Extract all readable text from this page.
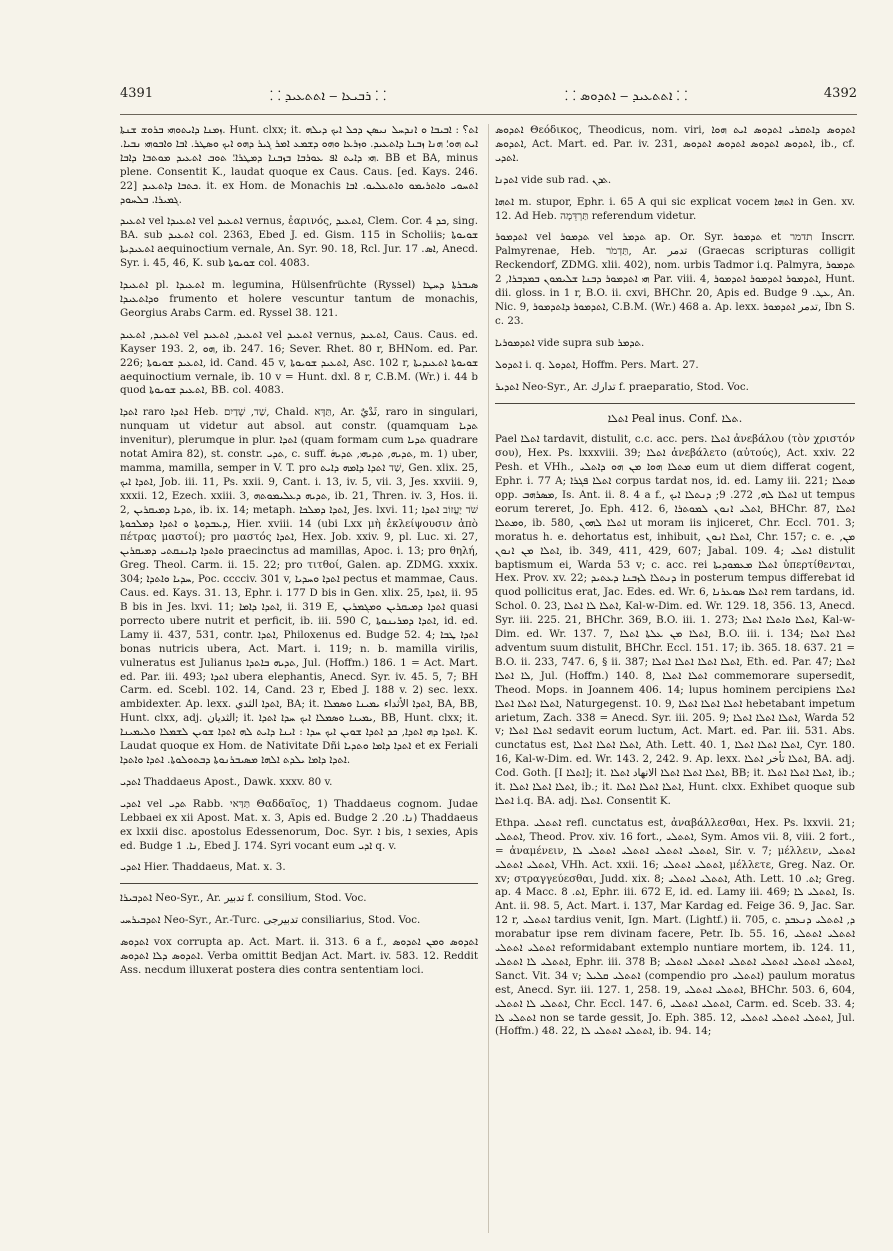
4391	⸬ ܪܒܝܥܐ ‒ ܐܬܬܥܝܕ ⸬	⸬ ܐܬܬܥܝܕ ‒ ܐܬܕܘܣ ⸬	4392

ܙܡܢܐ ܕܐܝܬܘܗܝ ܒܪܘܫ ܫܢܬܐ. Hunt. clxx; it. ܐܬ؟ : ܐܒܝܒܐ ܘ ܐܢܕܚܠ ܢܝܣܢ ܕܟܠ ܐܝܟ ܕܝܠܗ ܐܝܬ ܗܘ؛ ܗܢܐ ܙܒܢܐ ܕܐܬܥܝܕ. ܘܙܪܥܐ ܘܗܘ ܕܫܡܥ ܐܡܪ ܓܝܪ ܕܗܘ ܐܝܟ ܘܣܛܪ. ܐܒܐ ܘܐܒܘܗܝ ܢܒܝܐ. ܗܝ ܕܐܝܬ ܐܦ ܥܘܪܒܐ ܒܙܒܢܐ ܕܡܛܪܐ؛ ܬܘܒ ܐܬܥܝܕ ܡܘܬܒܐ ܕܐܒܐ. BB et BA, minus plene. Consentit K., laudat quoque ex Caus. Caus. [ed. Kays. 246. 22] ܟܬܒܐ ܕܐܬܥܝܕ. it. ex Hom. de Monachis ܐܬܚܘܝ ܘܐܬܪܝܡܘ ܘܐܬܥܠܝܘ. ܐܒܐ ܓܡܝܪܐ. ܒܠܚܘܕ.

ܐܬܥܝܕ vel ܐܬܥܝܕܐ vel ܐܬܥܝܕ vernus, ἐαρινός, ܐܬܥܝܕ, Clem. Cor. ܟܕ 4, sing. BA. sub ܐܬܥܝܕ col. 2363, Ebed J. ed. Gism. 115 in Scholiis; ܫܘܝܘܬܐ ܐܬܥܝܕܝܬܐ aequinoctium vernale, An. Syr. 90. 18, Rcl. Jur. ܐܣ. 17, Anecd. Syr. i. 45, 46, K. sub ܫܘܝܘܬܐ col. 4083.

ܐܬܥܝܕܐ pl. ܐܬܥܝܕܐ m. legumina, Hülsenfrüchte (Ryssel) ܣܝܒܪܬܐ ܕܚܛܐ ܘܕܐܬܥܝܕܐ frumento et holere vescuntur tantum de monachis, Georgius Arabs Carm. ed. Ryssel 38. 121.

ܐܬܥܝܕ, ܐܬܥܝܕ vel ܐܬܥܝܕ, ܐܬܥܝܕ vel ܐܬܥܝܕ vernus, ܐܬܥܝܕ, Caus. Caus. ed. Kayser 193. 2, ܗܘ, ib. 247. 16; Sever. Rhet. 80 r, BHNom. ed. Par. 226; ܐܬܥܝܕ ܫܘܝܘܬܐ, id. Cand. 45 v, ܐܬܥܝܕ ܫܘܝܘܬܐ, Asc. 102 r, ܫܘܝܘܬܐ ܐܬܥܝܕܝܬܐ aequinoctium vernale, ib. 10 v = Hunt. dxl. 8 r, C.B.M. (Wr.) i. 44 b quod ܐܬܥܝܕ ܫܘܝܘܬܐ, BB. col. 4083.

ܐܬܕܐ raro ܐܬܕܐ Heb. שַׁד, שָׁדַיִם, Chald. תַּדָּא, Ar. ثَدْيٌ, raro in singulari, nunquam ut videtur aut absol. aut constr. (quamquam ܬܕܝܐ invenitur), plerumque in plur. ܐܬܕܐ (quam formam cum ܬܕܝܐ quadrare notat Amira 82), st. constr. ܬܕܝ, c. suff. ܬܕܝܗ, ܬܕܝܗܝ, ܬܕܝܗܿ, m. 1) uber, mamma, mamilla, semper in V. T. pro שַׁד ܐܬܕܐ ܕܐܡܗ ܕܐܝܬ, Gen. xlix. 25, ܐܬܕܐ ܐܝܟ, Job. iii. 11, Ps. xxii. 9, Cant. i. 13, iv. 5, vii. 3, Jes. xxviii. 9, xxxii. 12, Ezech. xxiii. 3, ܬܕܝܗ ܕܥܠܝܡܘܬܗ, ib. 21, Thren. iv. 3, Hos. ii. 2, ܬܕܝܐ ܕܡܝܩܪܝܢ, ib. ix. 14; metaph. ܐܬܕܐ ܕܡܠܟܐ, Jes. lxvi. 11; שֹׁד יַעֲזוֹב ܐܬܕܐ ܕܥܒܕܘܬܐ ܘ ܐܬܕܐ ܕܡܠܟܘܬܐ, Hier. xviii. 14 (ubi Lxx μὴ ἐκλείψουσιν ἀπὸ πέτρας μαστοί); pro μαστός ܐܬܕܐ, Hex. Job. xxiv. 9, pl. Luc. xi. 27, ܘܐܬܕܐ ܕܐܝܢܩܬܝ ܕܡܝܩܪܝܢ praecinctus ad mamillas, Apoc. i. 13; pro θηλή, Greg. Theol. Carm. ii. 15. 22; pro τιτθοί, Galen. ap. ZDMG. xxxix. 304; ܚܕܝܐ ܘܐܬܕܐ, Poc. cccciv. 301 v, ܐܬܕܐ ܘܚܕܝܐ pectus et mammae, Caus. Caus. ed. Kays. 31. 13, Ephr. i. 177 D bis in Gen. xlix. 25, ܐܬܕܐ, ii. 95 B bis in Jes. lxvi. 11; ܐܬܕܐ ܕܐܡܐ, ii. 319 E, ܐܬܕܐ ܕܡܝܩܪܝܢ ܘܡܓܡܪܝܢ quasi porrecto ubere nutrit et perficit, ib. iii. 590 C, ܐܬܕܐ ܕܡܪܝܢܘܬܐ, id. ed. Lamy ii. 437, 531, contr. ܐܬܕܐ, Philoxenus ed. Budge 52. 4; ܐܬܕܐ ܛܒܐ bonas nutricis ubera, Act. Mart. i. 119; n. b. mamilla virilis, vulneratus est Julianus ܬܕܝܗ ܒܐܬܕܐ, Jul. (Hoffm.) 186. 1 = Act. Mart. ed. Par. iii. 493; ܐܬܕܐ ubera elephantis, Anecd. Syr. iv. 45. 5, 7; BH Carm. ed. Scebl. 102. 14, Cand. 23 r, Ebed J. 188 v. 2) sec. lexx. ambidexter. Ap. lexx. ܐܬܕܐ الثدي, BA; it. ܐܬܕܐ الأثداء ܝܡܝܢܐ ܘܣܡܠܐ, BA, BB, Hunt. clxx, adj. الثديان; it. ܝܡܝܢܐ ܘܣܡܠܐ ܐܝܟ ܚܕܐ ܐܬܕܐ, BB, Hunt. clxx; it. ܐܬܕܐ ܕܗ ܐܬܕܐ, ܟܕ ܐܬܕܐ ܫܘܝܢ ܐܝܟ ܚܕܐ : ܐܝܢܐ ܕܐܝܬ ܠܗ ܐܬܕܐ ܫܘܝܢ ܠܫܡܠܐ ܘܠܝܡܝܢܐ. K. Laudat quoque ex Hom. de Nativitate Dñi ܐܬܕܐ ܕܐܡܐ ܘܬܕܝܐ et ex Feriali ܐܬܕܐ ܕܐܡܐ ܝܠܕܬ ܐܠܗܐ ܡܣܝܒܪܢܘܬܐ ܕܒܬܘܠܘܬܐ. ܐܬܕܐ ܘܐܬܕܐ.

ܐܬܕܝ Thaddaeus Apost., Dawk. xxxv. 80 v.

ܐܬܕܝ vel ܬܕܝ Rabb. תַּדַּאי Θαδδαῖος, 1) Thaddaeus cognom. Judae Lebbaei ex xii Apost. Mat. x. 3, Apis ed. Budge ܢܐ. 20. 2) Thaddaeus ex lxxii disc. apostolus Edessenorum, Doc. Syr. ܐ bis, ܐ sexies, Apis ed. Budge ܢܐ. 1, Ebed J. 174. Syri vocant eum ܐܕܝ q. v.

ܐܬܕܝ Hier. Thaddaeus, Mat. x. 3.

ܐܬܕܒܝܪܐ Neo-Syr., Ar. تدبير f. consilium, Stod. Voc.

ܐܬܕܒܝܪܚܝ Neo-Syr., Ar.-Turc. تدبيرجى consiliarius, Stod. Voc.

ܐܬܕܘܣ vox corrupta ap. Act. Mart. ii. 313. 6 a f., ܐܬܕܘܣ ܘܡܢ ܐܬܕܘܣ ܐܬܕܘܣ ܕܠܐ ܐܬܕܘܣ. Verba omittit Bedjan Act. Mart. iv. 583. 12. Reddit Ass. necdum illuxerat postera dies contra sententiam loci.

ܐܬܕܘܣ Θεόδικος, Theodicus, nom. viri, ܐܬܕܘܣ ܕܐܬܩܪܝ ܐܬܕܘܣ ܐܝܬ ܗܘܐ ܐܬܕܘܣ, Act. Mart. ed. Par. iv. 231, ܐܬܕܘܣ ܐܬܕܘܣ ܐܬܕܘܣ ܐܬܕܘܣ, ib., cf. ܐܬܕܝ.

ܐܬܕܢܐ vide sub rad. ܬܕܢ.

ܐܬܗܐ m. stupor, Ephr. i. 65 A qui sic explicat vocem ܐܬܗܐ in Gen. xv. 12. Ad Heb. תַּרְדֵּמָה referendum videtur.

ܐܬܕܡܘܪ vel ܬܕܡܘܪ vel ܬܕܡܪ ap. Or. Syr. ܬܕܡܘܪ et תדמר Inscrr. Palmyrenae, Heb. תַּדְמֹר, Ar. تدمر (Graecas scripturas colligit Reckendorf, ZDMG. xlii. 402), nom. urbis Tadmor i.q. Palmyra, ܬܕܡܘܪ ܗܝ ܐܬܕܡܘܪ ܕܒܢܐ ܫܠܝܡܘܢ ܒܡܕܒܪܐ, 2 Par. viii. 4, ܐܬܕܡܘܪ ܐܬܕܡܘܪ ܐܬܕܡܘܪ, Hunt. dii. gloss. in 1 r, B.O. ii. cxvi, BHChr. 20, Apis ed. Budge ܥܛ. 9, An. Nic. 9, ܐܬܕܡܘܪ ܕܐܬܕܡܘܪ, C.B.M. (Wr.) 468 a. Ap. lexx. تدمر ܐܬܕܡܘܪ, Ibn S. c. 23.

ܐܬܕܡܘܪܝܐ vide supra sub ܬܕܡܪ.

ܐܬܕܘܠ i. q. ܐܬܕܘܠ, Hoffm. Pers. Mart. 27.

ܐܬܕܝܪ Neo-Syr., Ar. تدارك f. praeparatio, Stod. Voc.

ܐܬܠܐ Peal inus. Conf. ܬܠܐ.

Pael ܐܬܠܐ tardavit, distulit, c.c. acc. pers. ܐܬܠܐ ἀνεβάλου (τὸν χριστόν σου), Hex. Ps. lxxxviii. 39; ܐܬܠܐ ἀνεβάλετο (αὐτούς), Act. xxiv. 22 Pesh. et VHh., ܡܬܠܐ ܗܘܐ ܡܢ ܗܘ ܕܐܬܠܝ eum ut diem differat cogent, Ephr. i. 77 A; ܐܬܠܐ ܦܓܪܐ corpus tardat nos, id. ed. Lamy iii. 221; ܡܬܠܐ opp. ܡܣܪܗܒ, Is. Ant. ii. 8. 4 a f., ܐܬܠܐ ܠܗ, 272. 9; ܕܢܬܠܐ ܐܝܟ ut tempus eorum tereret, Jo. Eph. 412. 6, ܐܬܠܝ ܐܢܘܢ ܠܡܘܬܪܐ, BHChr. 87, ܐܬܠܐ ܘܡܬܠܐ, ib. 580, ܐܬܠܐ ܠܗܘܢ ut moram iis injiceret, Chr. Eccl. 701. 3; moratus h. e. dehortatus est, inhibuit, ܐܬܠܐ ܐܢܘܢ, Chr. 157; c. e. ܡܢ, ܐܬܠܐ ܡܢ ܐܢܘܢ, ib. 349, 411, 429, 607; Jabal. 109. 4; ܐܬܠܝ distulit baptismum ei, Warda 53 v; c. acc. rei ܐܬܠܐ ܡܥܡܘܕܝܬܐ ὑπερτίθενται, Hex. Prov. xv. 22; ܕܢܬܠܐ ܠܙܒܢܐ ܕܥܬܝܕ in posterum tempus differebat id quod pollicitus erat, Jac. Edes. ed. Wr. 6, ܐܬܠܐ ܣܘܥܪܢܐ rem tardans, id. Schol. 0. 23, ܐܬܠܐ ܠܐ ܐܬܠܐ, Kal-w-Dim. ed. Wr. 129. 18, 356. 13, Anecd. Syr. iii. 225. 21, BHChr. 369, B.O. iii. 1. 273; ܐܬܠܐ ܘܐܬܠܐ ܐܬܠܐ, Kal-w-Dim. ed. Wr. 137. 7, ܐܬܠܐ ܡܢ ܥܠܬܐ ܐܬܠܐ, B.O. iii. i. 134; ܐܬܠܐ ܐܬܠܐ adventum suum distulit, BHChr. Eccl. 151. 17; ib. 365. 18. 637. 21 = B.O. ii. 233, 747. 6, § ii. 387; ܐܬܠܐ ܐܬܠܐ ܐܬܠܐ ܐܬܠܐ, Eth. ed. Par. 47; ܐܬܠܐ ܠܐ ܐܬܠܐ, Jul. (Hoffm.) 140. 8, ܐܬܠܐ ܐܬܠܐ commemorare supersedit, Theod. Mops. in Joannem 406. 14; lupus hominem percipiens ܐܬܠܐ ܐܬܠܐ ܐܬܠܐ ܐܬܠܐ, Naturgegenst. 10. 9, ܐܬܠܐ ܐܬܠܐ ܐܬܠܐ hebetabant impetum arietum, Zach. 338 = Anecd. Syr. iii. 205. 9; ܐܬܠܐ ܐܬܠܐ ܐܬܠܐ, Warda 52 v; ܐܬܠܐ ܐܬܠܐ sedavit eorum luctum, Act. Mart. ed. Par. iii. 531. Abs. cunctatus est, ܐܬܠܐ ܐܬܠܐ ܐܬܠܐ, Ath. Lett. 40. 1, ܐܬܠܐ ܐܬܠܐ ܐܬܠܐ, Cyr. 180. 16, Kal-w-Dim. ed. Wr. 143. 2, 242. 9. Ap. lexx. ܐܬܠܐ تأخر ܐܬܠܐ, BA. adj. Cod. Goth. [I ܐܬܠܐ]; it. ܐܬܠܐ ܐܬܠܐ ܐܬܠܐ الانهاد ܐܬܠܐ, BB; it. ܐܬܠܐ ܐܬܠܐ ܐܬܠܐ, ib.; it. ܐܬܠܐ ܐܬܠܐ ܐܬܠܐ, ib.; it. ܐܬܠܐ ܐܬܠܐ ܐܬܠܐ, Hunt. clxx. Exhibet quoque sub ܐܬܠܐ i.q. BA. adj. ܐܬܠܐ. Consentit K.

Ethpa. ܐܬܬܠܝ refl. cunctatus est, ἀναβάλλεσθαι, Hex. Ps. lxxvii. 21; ܐܬܬܠܝ, Theod. Prov. xiv. 16 fort., ܐܬܬܠܝ, Sym. Amos vii. 8, viii. 2 fort., = ἀναμένειν, ܐܬܬܠܝ ܐܬܬܠܝ ܐܬܬܠܝ ܐܬܬܠܝ ܠܐ, Sir. v. 7; μέλλειν, ܐܬܬܠܝ ܐܬܬܠܝ ܐܬܬܠܝ, VHh. Act. xxii. 16; ܐܬܬܠܝ ܐܬܬܠܝ, μέλλετε, Greg. Naz. Or. xv; στραγγεύεσθαι, Judd. xix. 8; ܐܬܬܠܝ ܐܬܬܠܝ, Ath. Lett. ܐܬ. 10; Greg. ap. 4 Macc. ܐܬ. 8, Ephr. iii. 672 E, id. ed. Lamy iii. 469; ܐܬܬܠܝ ܠܐ, Is. Ant. ii. 98. 5, Act. Mart. i. 137, Mar Kardag ed. Feige 36. 9, Jac. Sar. 12 r, ܐܬܬܠܝ tardius venit, Ign. Mart. (Lightf.) ii. 705, c. ܕ, ܐܬܬܠܝ ܕܢܥܒܕ morabatur ipse rem divinam facere, Petr. Ib. 55. 16, ܐܬܬܠܝ ܐܬܬܠܝ ܐܬܬܠܝ ܐܬܬܠܝ reformidabant extemplo nuntiare mortem, ib. 124. 11, ܐܬܬܠܝ ܠܐ ܐܬܬܠܝ, Ephr. iii. 378 B; ܐܬܬܠܝ ܐܬܬܠܝ ܐܬܬܠܝ ܐܬܬܠܝ ܐܬܬܠܝ ܐܬܬܠܝ, Sanct. Vit. 34 v; ܐܬܬܠܝ ܩܠܝܠ (compendio pro ܐܬܬܠܝ) paulum moratus est, Anecd. Syr. iii. 127. 1, 258. 19, ܐܬܬܠܝ ܐܬܬܠܝ, BHChr. 503. 6, 604, ܐܬܬܠܝ ܠܐ ܐܬܬܠܝ, Chr. Eccl. 147. 6, ܐܬܬܠܝ ܐܬܬܠܝ, Carm. ed. Sceb. 33. 4; ܐܬܬܠܝ ܠܐ non se tarde gessit, Jo. Eph. 385. 12, ܐܬܬܠܝ ܐܬܬܠܝ ܐܬܬܠܝ, Jul. (Hoffm.) 48. 22, ܐܬܬܠܝ ܐܬܬܠܝ ܠܐ, ib. 94. 14;
